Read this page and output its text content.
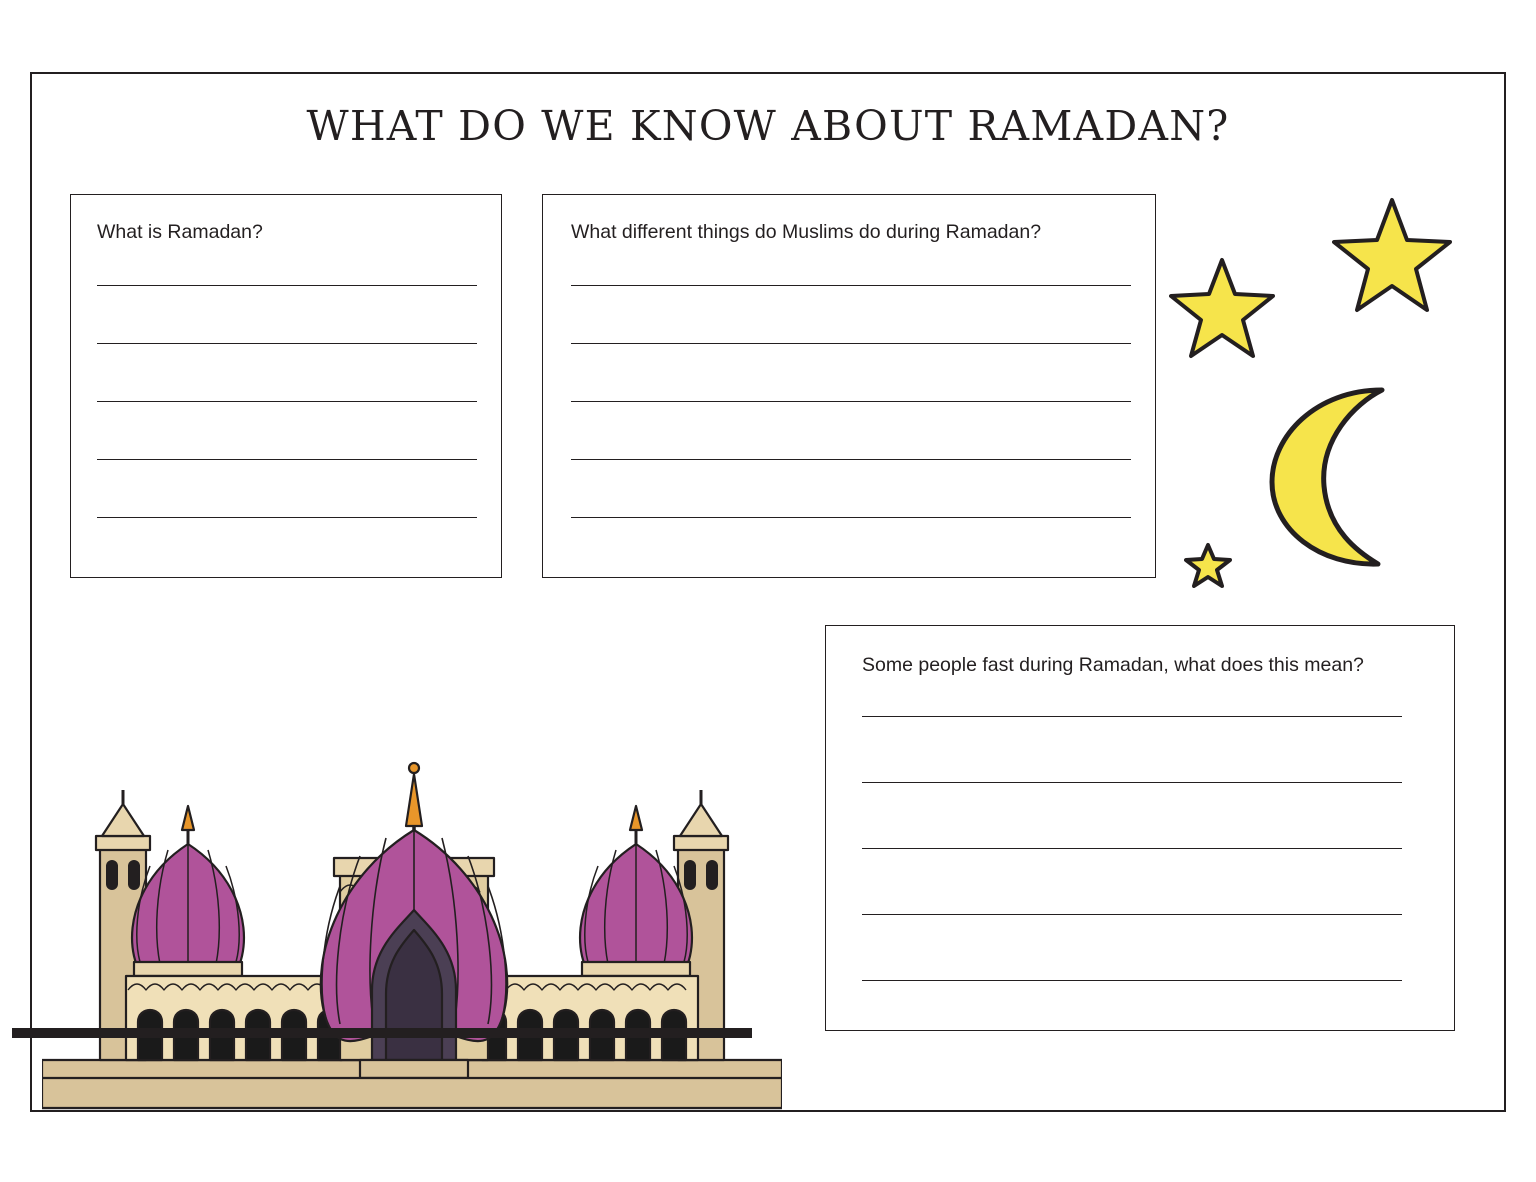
WHAT DO WE KNOW ABOUT RAMADAN?
What is Ramadan?	What different things do Muslims do during Ramadan?
Some people fast during Ramadan, what does this mean?
